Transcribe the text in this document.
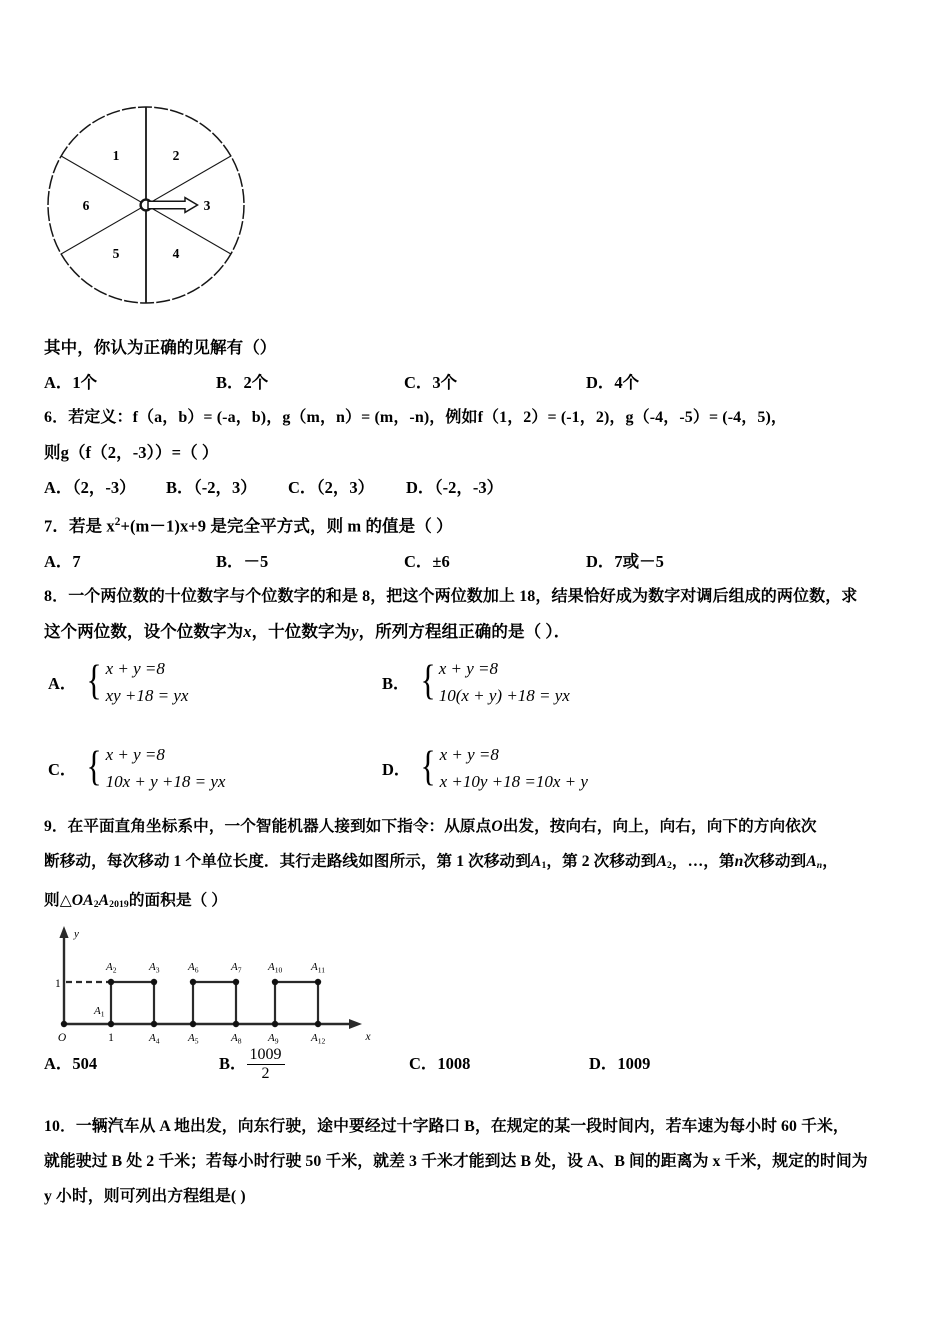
1	2
3
4
5
6
其中，你认为正确的见解有（）
A．1个	B．2个	C．3个	D．4个
6．若定义：f（a，b）= (-a，b)，g（m，n）= (m，-n)，例如f（1，2）= (-1，2)，g（-4，-5）= (-4，5)，
则g（f（2，-3））=（ ）
A．（2，-3）	B．（-2，3）	C．（2，3）	D．（-2，-3）
7．若是 $x^2+(m-1)x+9$ 是完全平方式，则 m 的值是（ ）
A．7	B．－5	C．±6	D．7或－5
8．一个两位数的十位数字与个位数字的和是 8，把这个两位数加上 18，结果恰好成为数字对调后组成的两位数，求
这个两位数，设个位数字为x，十位数字为y，所列方程组正确的是（ ）．
A． { x + y =8
xy +18 = yx
B． { x + y =8
10(x + y) +18 = yx
C． { x + y =8
10x + y +18 = yx
D． { x + y =8
x +10y +18 =10x + y
9．在平面直角坐标系中，一个智能机器人接到如下指令：从原点O出发，按向右，向上，向右，向下的方向依次
断移动，每次移动 1 个单位长度．其行走路线如图所示，第 1 次移动到$A_1$，第 2 次移动到$A_2$，…，第n次移动到$A_n$，
则$\triangle OA_2A_{2019}$的面积是（ ）
y
x
1
O	1
$A_2$	$A_3$	$A_6$	$A_7$ $A_{10}$	$A_{11}$
$A_1$
$A_4$	$A_5$	$A_8$ $A_9$	$A_{12}$
A．504	B． $\frac{1009}{2}$	C．1008	D．1009
10．一辆汽车从 A 地出发，向东行驶，途中要经过十字路口 B，在规定的某一段时间内，若车速为每小时 60 千米，
就能驶过 B 处 2 千米；若每小时行驶 50 千米，就差 3 千米才能到达 B 处，设 A、B 间的距离为 x 千米，规定的时间为
y 小时，则可列出方程组是( )
